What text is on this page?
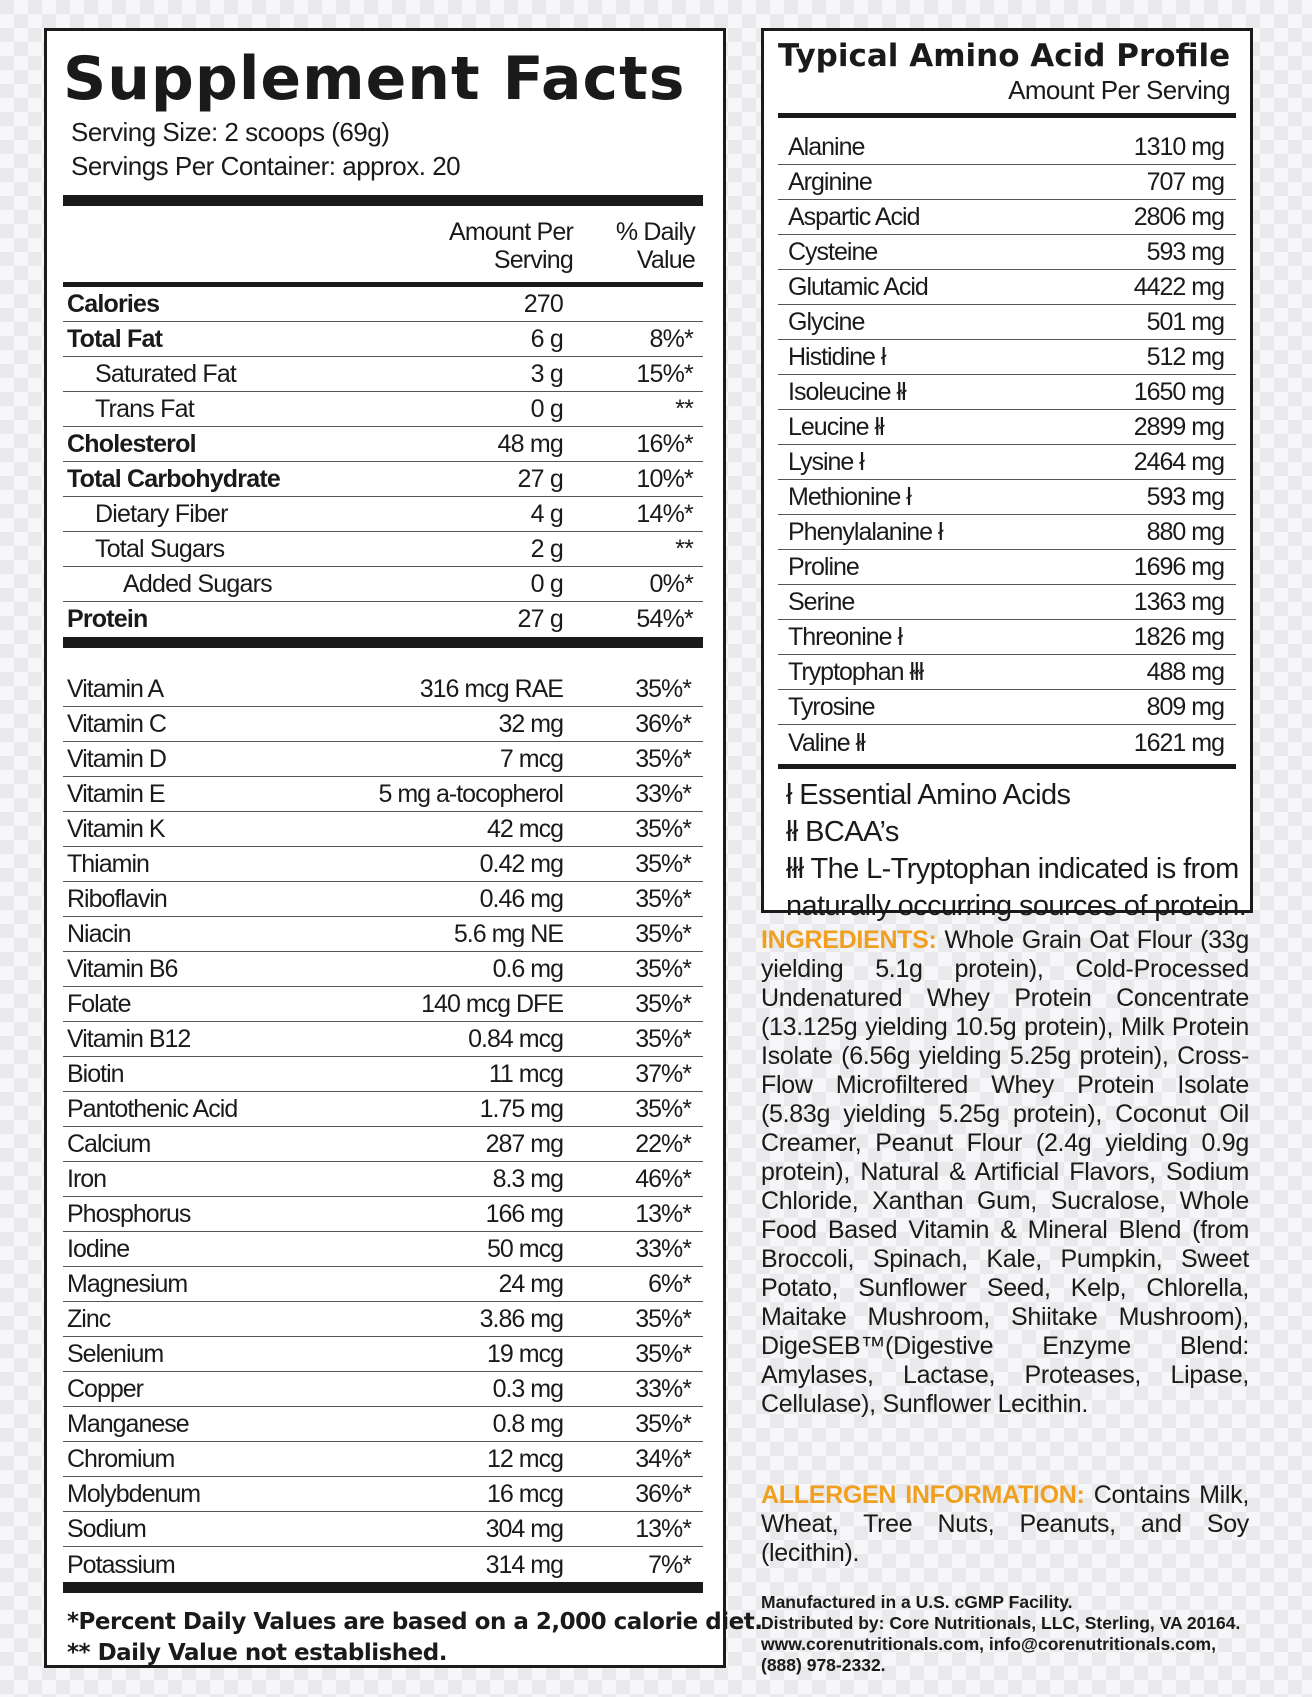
Supplement Facts
Serving Size: 2 scoops (69g)
Servings Per Container: approx. 20
Amount Per Serving
% Daily Value
Calories	270
Total Fat	6 g	8%*
Saturated Fat	3 g	15%*
Trans Fat	0 g	**
Cholesterol	48 mg	16%*
Total Carbohydrate	27 g	10%*
Dietary Fiber	4 g	14%*
Total Sugars	2 g	**
Added Sugars	0 g	0%*
Protein	27 g	54%*
Vitamin A	316 mcg RAE	35%*
Vitamin C	32 mg	36%*
Vitamin D	7 mcg	35%*
Vitamin E	5 mg a-tocopherol	33%*
Vitamin K	42 mcg	35%*
Thiamin	0.42 mg	35%*
Riboflavin	0.46 mg	35%*
Niacin	5.6 mg NE	35%*
Vitamin B6	0.6 mg	35%*
Folate	140 mcg DFE	35%*
Vitamin B12	0.84 mcg	35%*
Biotin	11 mcg	37%*
Pantothenic Acid	1.75 mg	35%*
Calcium	287 mg	22%*
Iron	8.3 mg	46%*
Phosphorus	166 mg	13%*
Iodine	50 mcg	33%*
Magnesium	24 mg	6%*
Zinc	3.86 mg	35%*
Selenium	19 mcg	35%*
Copper	0.3 mg	33%*
Manganese	0.8 mg	35%*
Chromium	12 mcg	34%*
Molybdenum	16 mcg	36%*
Sodium	304 mg	13%*
Potassium	314 mg	7%*
*Percent Daily Values are based on a 2,000 calorie diet.
** Daily Value not established.
Typical Amino Acid Profile
Amount Per Serving
Alanine	1310 mg
Arginine	707 mg
Aspartic Acid	2806 mg
Cysteine	593 mg
Glutamic Acid	4422 mg
Glycine	501 mg
Histidine ł	512 mg
Isoleucine łł	1650 mg
Leucine łł	2899 mg
Lysine ł	2464 mg
Methionine ł	593 mg
Phenylalanine ł	880 mg
Proline	1696 mg
Serine	1363 mg
Threonine ł	1826 mg
Tryptophan łłł	488 mg
Tyrosine	809 mg
Valine łł	1621 mg
ł Essential Amino Acids
łł BCAA’s
łłł The L-Tryptophan indicated is from
naturally occurring sources of protein.

INGREDIENTS: Whole Grain Oat Flour (33g yielding 5.1g protein), Cold-Processed Undenatured Whey Protein Concentrate (13.125g yielding 10.5g protein), Milk Protein Isolate (6.56g yielding 5.25g protein), Cross-Flow Microfiltered Whey Protein Isolate (5.83g yielding 5.25g protein), Coconut Oil Creamer, Peanut Flour (2.4g yielding 0.9g protein), Natural & Artificial Flavors, Sodium Chloride, Xanthan Gum, Sucralose, Whole Food Based Vitamin & Mineral Blend (from Broccoli, Spinach, Kale, Pumpkin, Sweet Potato, Sunflower Seed, Kelp, Chlorella, Maitake Mushroom, Shiitake Mushroom), DigeSEB™(Digestive Enzyme Blend: Amylases, Lactase, Proteases, Lipase, Cellulase), Sunflower Lecithin.

ALLERGEN INFORMATION: Contains Milk, Wheat, Tree Nuts, Peanuts, and Soy (lecithin).

Manufactured in a U.S. cGMP Facility.
Distributed by: Core Nutritionals, LLC, Sterling, VA 20164.
www.corenutritionals.com, info@corenutritionals.com,
(888) 978-2332.
